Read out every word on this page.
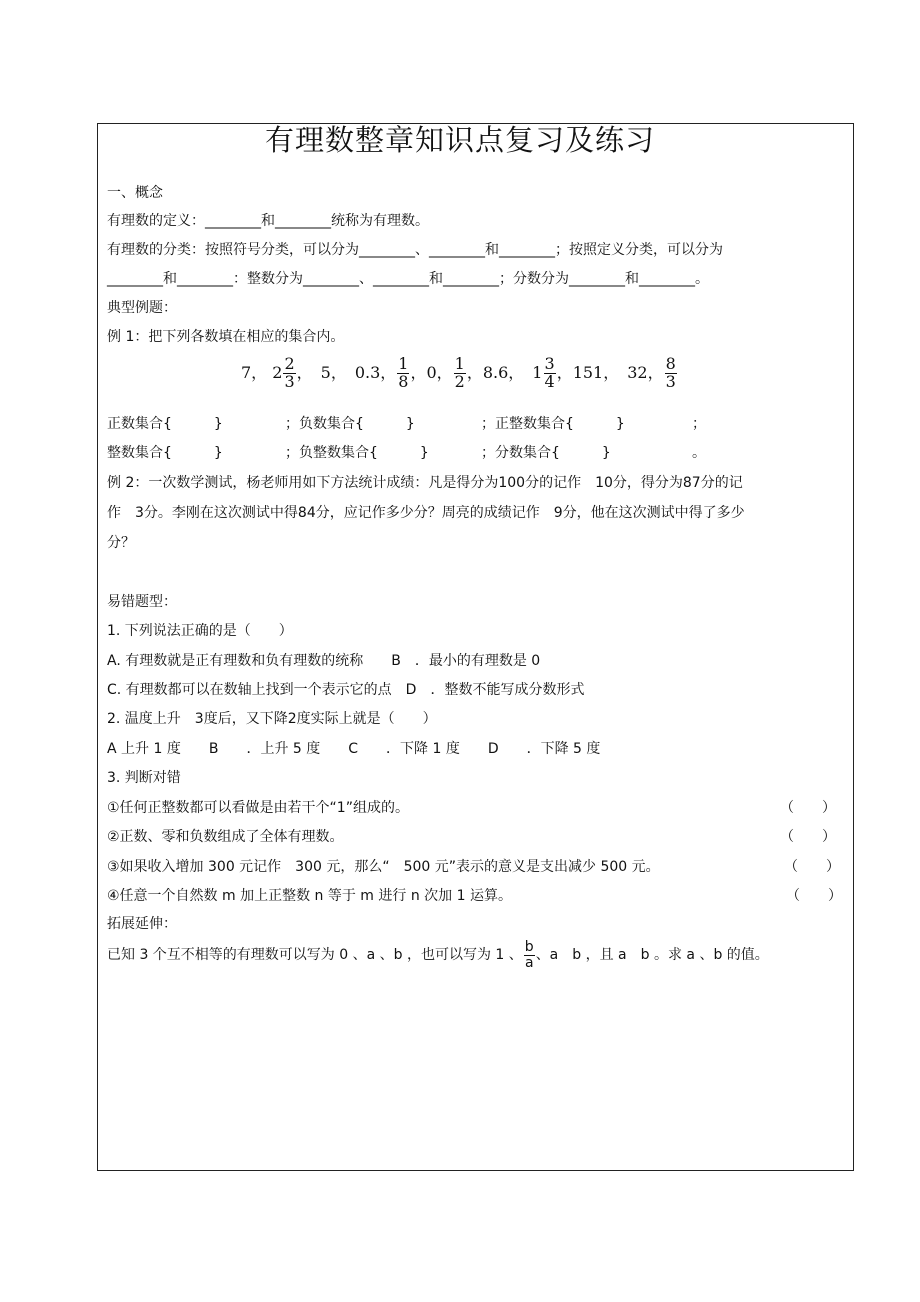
有理数整章知识点复习及练习
一、概念
有理数的定义：________和________统称为有理数。
有理数的分类：按照符号分类，可以分为________、________和________；按照定义分类，可以分为
________和________：整数分为________、________和________；分数分为________和________。
典型例题：
例 1：把下列各数填在相应的集合内。
7， $2 \frac{2}{3}$ ，　5，　0.3， $\frac{1}{8}$ ，0， $\frac{1}{2}$ ，8.6，　$1 \frac{3}{4}$ ，151，　32， $\frac{8}{3}$
正数集合{　　　}	；负数集合{　　　}	；正整数集合{　　　}	；
整数集合{　　　}	；负整数集合{　　　}	；分数集合{　　　}	。
例 2：一次数学测试，杨老师用如下方法统计成绩：凡是得分为100分的记作　10分，得分为87分的记
作　3分。李刚在这次测试中得84分，应记作多少分？周亮的成绩记作　9分，他在这次测试中得了多少
分？
易错题型：
1. 下列说法正确的是（　　）
A. 有理数就是正有理数和负有理数的统称　　B　．最小的有理数是 0
C. 有理数都可以在数轴上找到一个表示它的点　D　．整数不能写成分数形式
2. 温度上升　3度后，又下降2度实际上就是（　　）
A 上升 1 度　　B　　．上升 5 度　　C　　．下降 1 度　　D　　．下降 5 度
3. 判断对错
①任何正整数都可以看做是由若干个“1”组成的。	（　　）
②正数、零和负数组成了全体有理数。	（　　）
③如果收入增加 300 元记作　300 元，那么“　500 元”表示的意义是支出减少 500 元。	（　　）
④任意一个自然数 m 加上正整数 n 等于 m 进行 n 次加 1 运算。	（　　）
拓展延伸：
已知 3 个互不相等的有理数可以写为 0 、a 、b ，也可以写为 1 、 $\frac{b}{a}$ 、a　b ，且 a　b 。求 a 、b 的值。
